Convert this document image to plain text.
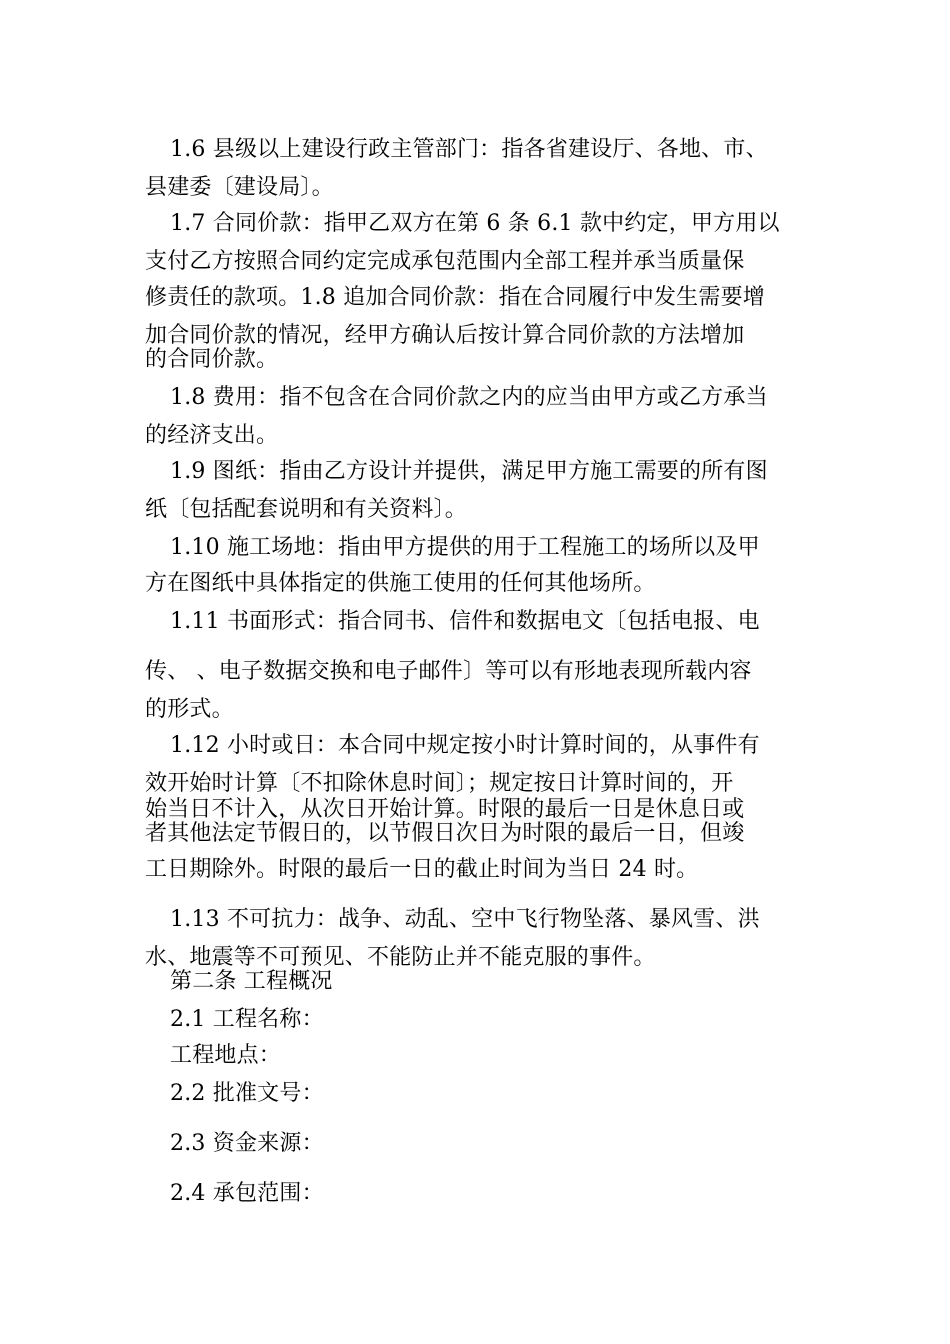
1.6 县级以上建设行政主管部门：指各省建设厅、各地、市、
县建委〔建设局〕。
1.7 合同价款：指甲乙双方在第 6 条 6.1 款中约定，甲方用以
支付乙方按照合同约定完成承包范围内全部工程并承当质量保
修责任的款项。1.8 追加合同价款：指在合同履行中发生需要增
加合同价款的情况，经甲方确认后按计算合同价款的方法增加
的合同价款。
1.8 费用：指不包含在合同价款之内的应当由甲方或乙方承当
的经济支出。
1.9 图纸：指由乙方设计并提供，满足甲方施工需要的所有图
纸〔包括配套说明和有关资料〕。
1.10 施工场地：指由甲方提供的用于工程施工的场所以及甲
方在图纸中具体指定的供施工使用的任何其他场所。
1.11 书面形式：指合同书、信件和数据电文〔包括电报、电
传、 、电子数据交换和电子邮件〕等可以有形地表现所载内容
的形式。
1.12 小时或日：本合同中规定按小时计算时间的，从事件有
效开始时计算〔不扣除休息时间〕；规定按日计算时间的，开
始当日不计入，从次日开始计算。时限的最后一日是休息日或
者其他法定节假日的，以节假日次日为时限的最后一日，但竣
工日期除外。时限的最后一日的截止时间为当日 24 时。
1.13 不可抗力：战争、动乱、空中飞行物坠落、暴风雪、洪
水、地震等不可预见、不能防止并不能克服的事件。
第二条 工程概况
2.1 工程名称：
工程地点：
2.2 批准文号：
2.3 资金来源：
2.4 承包范围：
